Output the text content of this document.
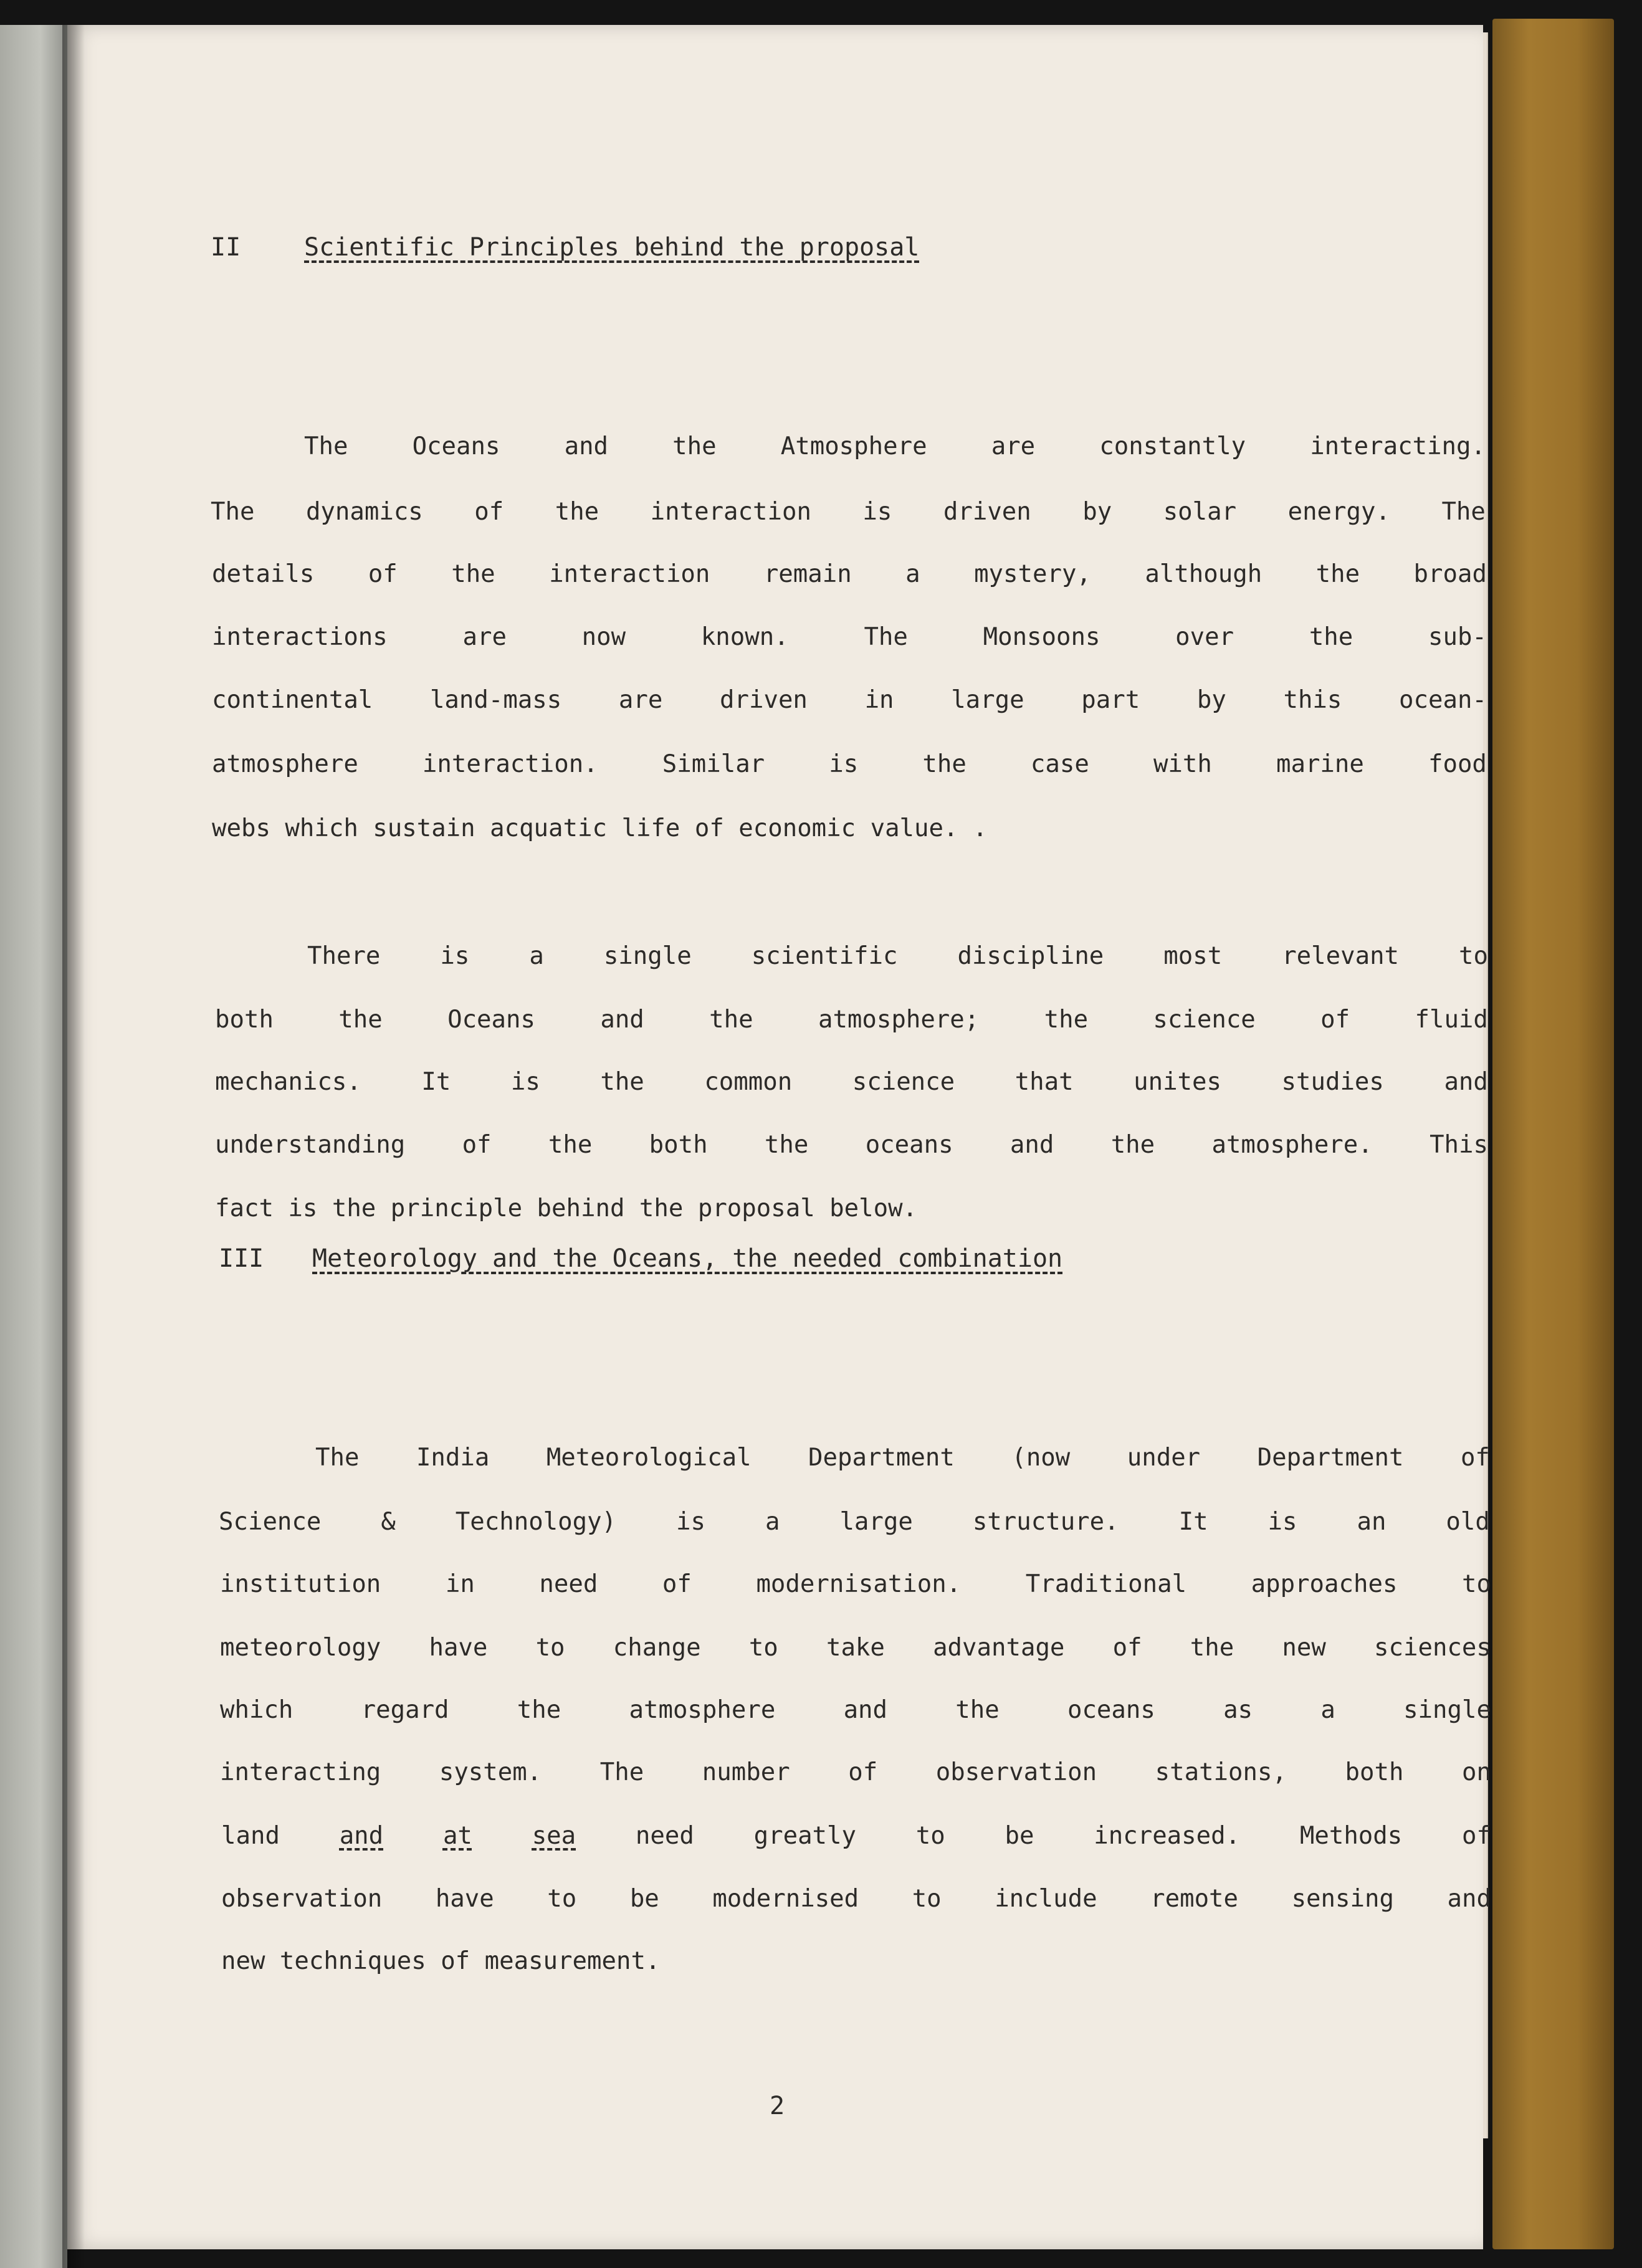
II

	Scientific Principles behind the proposal

The	Oceans	and	the	Atmosphere	are	constantly	interacting.

The dynamics of the interaction is driven by solar energy. The

details of the interaction remain a mystery, although the broad

interactions	are	now	known.	The	Monsoons	over	the	sub-

continental land-mass are driven in large part by this ocean-

atmosphere	interaction.	Similar	is	the	case	with	marine	food

webs which sustain acquatic life of economic value. .

There is a single scientific discipline most relevant to

both	the	Oceans	and	the	atmosphere;	the	science	of	fluid

mechanics. It is the common science that unites studies and

understanding of the both the oceans and the atmosphere. This

fact is the principle behind the proposal below.

III

Meteorology and the Oceans, the needed combination

The India Meteorological Department (now under Department of

Science & Technology) is a large structure. It is an old

institution	in	need	of	modernisation.	Traditional	approaches	to

meteorology have to change to take advantage of the new sciences

which	regard	the	atmosphere	and	the	oceans	as	a	single

interacting system. The number of observation stations, both on

land and at sea need greatly to be increased. Methods of

observation have to be modernised to include remote sensing and

new techniques of measurement.

2
